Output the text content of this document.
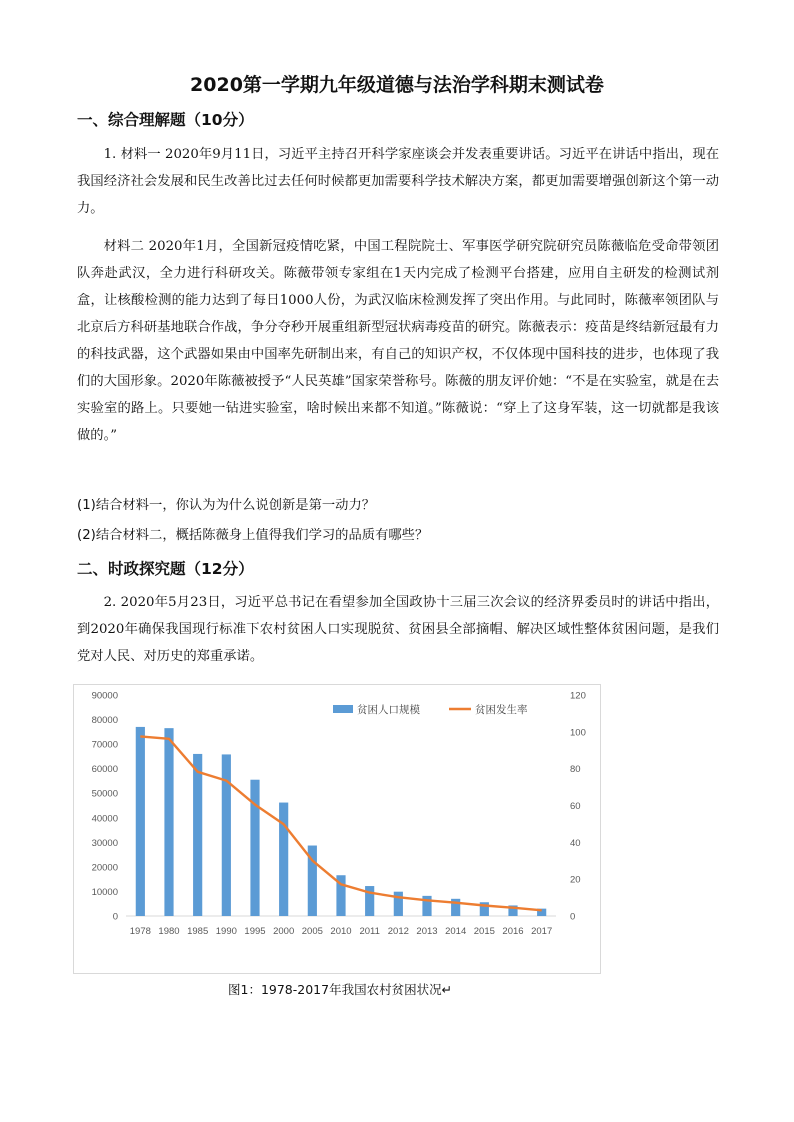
2020第一学期九年级道德与法治学科期末测试卷
一、综合理解题（10分）

1. 材料一 2020年9月11日，习近平主持召开科学家座谈会并发表重要讲话。习近平在讲话中指出，现在我国经济社会发展和民生改善比过去任何时候都更加需要科学技术解决方案，都更加需要增强创新这个第一动力。

材料二 2020年1月，全国新冠疫情吃紧，中国工程院院士、军事医学研究院研究员陈薇临危受命带领团队奔赴武汉，全力进行科研攻关。陈薇带领专家组在1天内完成了检测平台搭建，应用自主研发的检测试剂盒，让核酸检测的能力达到了每日1000人份，为武汉临床检测发挥了突出作用。与此同时，陈薇率领团队与北京后方科研基地联合作战，争分夺秒开展重组新型冠状病毒疫苗的研究。陈薇表示：疫苗是终结新冠最有力的科技武器，这个武器如果由中国率先研制出来，有自己的知识产权，不仅体现中国科技的进步，也体现了我们的大国形象。2020年陈薇被授予“人民英雄”国家荣誉称号。陈薇的朋友评价她：“不是在实验室，就是在去实验室的路上。只要她一钻进实验室，啥时候出来都不知道。”陈薇说：“穿上了这身军装，这一切就都是我该做的。”

(1)结合材料一，你认为为什么说创新是第一动力？

(2)结合材料二，概括陈薇身上值得我们学习的品质有哪些？

二、时政探究题（12分）

2. 2020年5月23日，习近平总书记在看望参加全国政协十三届三次会议的经济界委员时的讲话中指出，到2020年确保我国现行标准下农村贫困人口实现脱贫、贫困县全部摘帽、解决区域性整体贫困问题，是我们党对人民、对历史的郑重承诺。

0
10000
20000
30000
40000
50000
60000
70000
80000
90000
0
20
40
60
80
100
120
1978 1980 1985 1990 1995 2000 2005 2010 2011 2012 2013 2014 2015 2016 2017
贫困人口规模	贫困发生率
图1：1978-2017年我国农村贫困状况↵
